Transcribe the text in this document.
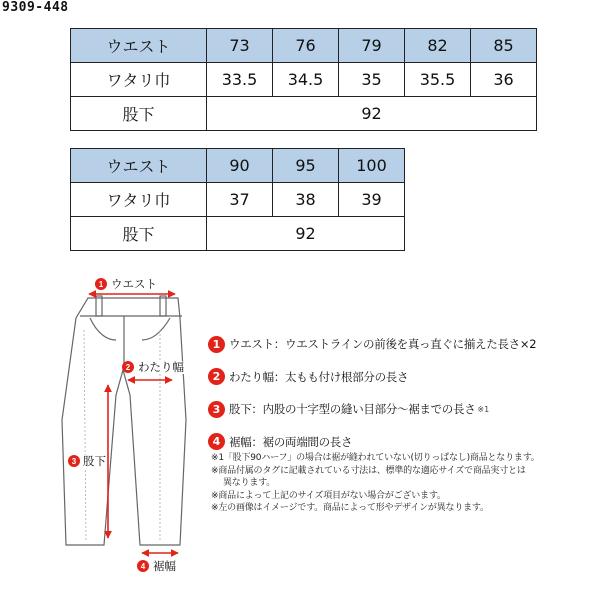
9309-448
ウエスト	73	76	79	82	85
ワタリ巾	33.5	34.5	35	35.5	36
股下	92				
ウエスト	90	95	100
ワタリ巾	37	38	39
股下	92		
1
2
3
4
ウエスト
わたり幅
股下
裾幅
1 ウエスト：ウエストラインの前後を真っ直ぐに揃えた長さ×2
2 わたり幅：太もも付け根部分の長さ
3 股下：内股の十字型の縫い目部分〜裾までの長さ ※1
4 裾幅：裾の両端間の長さ
※1「股下90ハーフ」の場合は裾が縫われていない(切りっぱなし)商品となります。
※商品付属のタグに記載されている寸法は、標準的な適応サイズで商品実寸とは
異なります。
※商品によって上記のサイズ項目がない場合がございます。
※左の画像はイメージです。商品によって形やデザインが異なります。
